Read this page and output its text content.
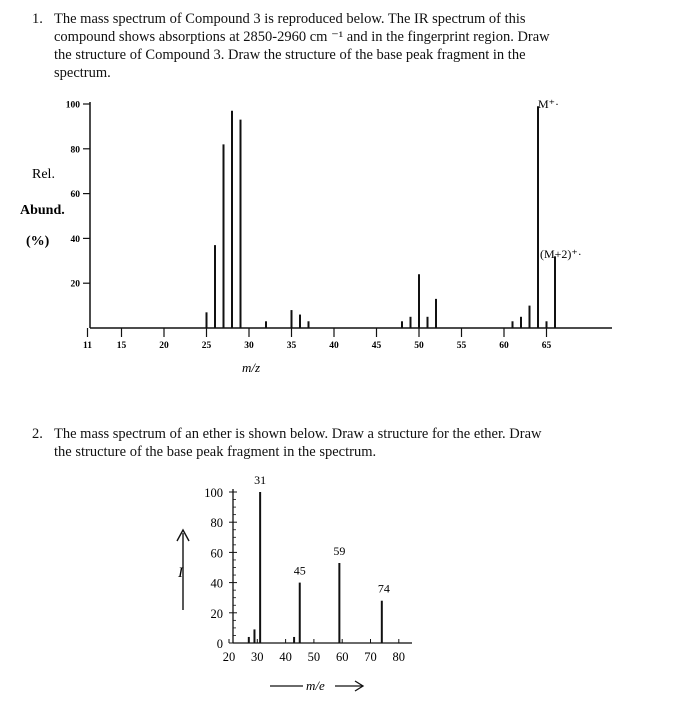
1. The mass spectrum of Compound 3 is reproduced below. The IR spectrum of this
compound shows absorptions at 2850-2960 cm ⁻¹ and in the fingerprint region. Draw
the structure of Compound 3. Draw the structure of the base peak fragment in the
spectrum.
Rel.
Abund.
(%)
m/z
20
40
60
80
100
11	15	20	25	30	35	40	45	50	55	60	65
M⁺·
(M+2)⁺·
2. The mass spectrum of an ether is shown below. Draw a structure for the ether. Draw
the structure of the base peak fragment in the spectrum.
I
m/e
0
20
40
60
80
100
20 30 40 50 60 70 80
31
45
59
74
